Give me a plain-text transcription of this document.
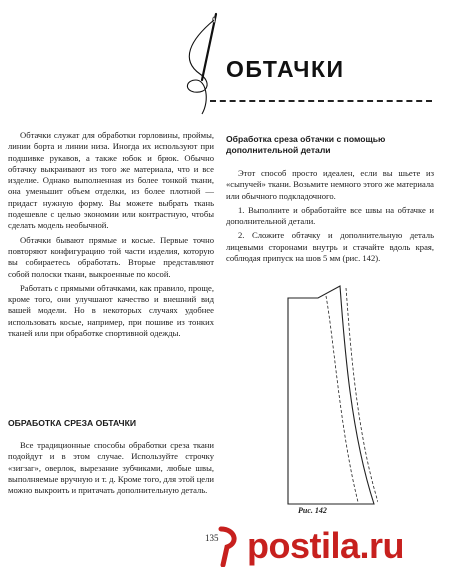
ОБТАЧКИ

Обтачки служат для обработки горловины, проймы, линии борта и линии низа. Иногда их используют при подшивке рукавов, а также юбок и брюк. Обычно обтачку выкраивают из того же материала, что и все изделие. Однако выполненная из более тонкой ткани, она уменьшит объем отделки, из более плотной — придаст нужную форму. Вы можете выбрать ткань подешевле с целью экономии или контрастную, чтобы сделать модель необычной.

Обтачки бывают прямые и косые. Первые точно повторяют конфигурацию той части изделия, которую вы собираетесь обработать. Вторые представляют собой полоски ткани, выкроенные по косой.

Работать с прямыми обтачками, как правило, проще, кроме того, они улучшают качество и внешний вид вашей модели. Но в некоторых случаях удобнее использовать косые, например, при пошиве из тонких тканей или при обработке спортивной одежды.

ОБРАБОТКА СРЕЗА ОБТАЧКИ

Все традиционные способы обработки среза ткани подойдут и в этом случае. Используйте строчку «зигзаг», оверлок, вырезание зубчиками, любые швы, выполняемые вручную и т. д. Кроме того, для этой цели можно выкроить и притачать дополнительную деталь.

Обработка среза обтачки с помощью дополнительной детали

Этот способ просто идеален, если вы шьете из «сыпучей» ткани. Возьмите немного этого же материала или обычного подкладочного.

1. Выполните и обработайте все швы на обтачке и дополнительной детали.

2. Сложите обтачку и дополнительную деталь лицевыми сторонами внутрь и стачайте вдоль края, соблюдая припуск на шов 5 мм (рис. 142).

Рис. 142
135 postila.ru
